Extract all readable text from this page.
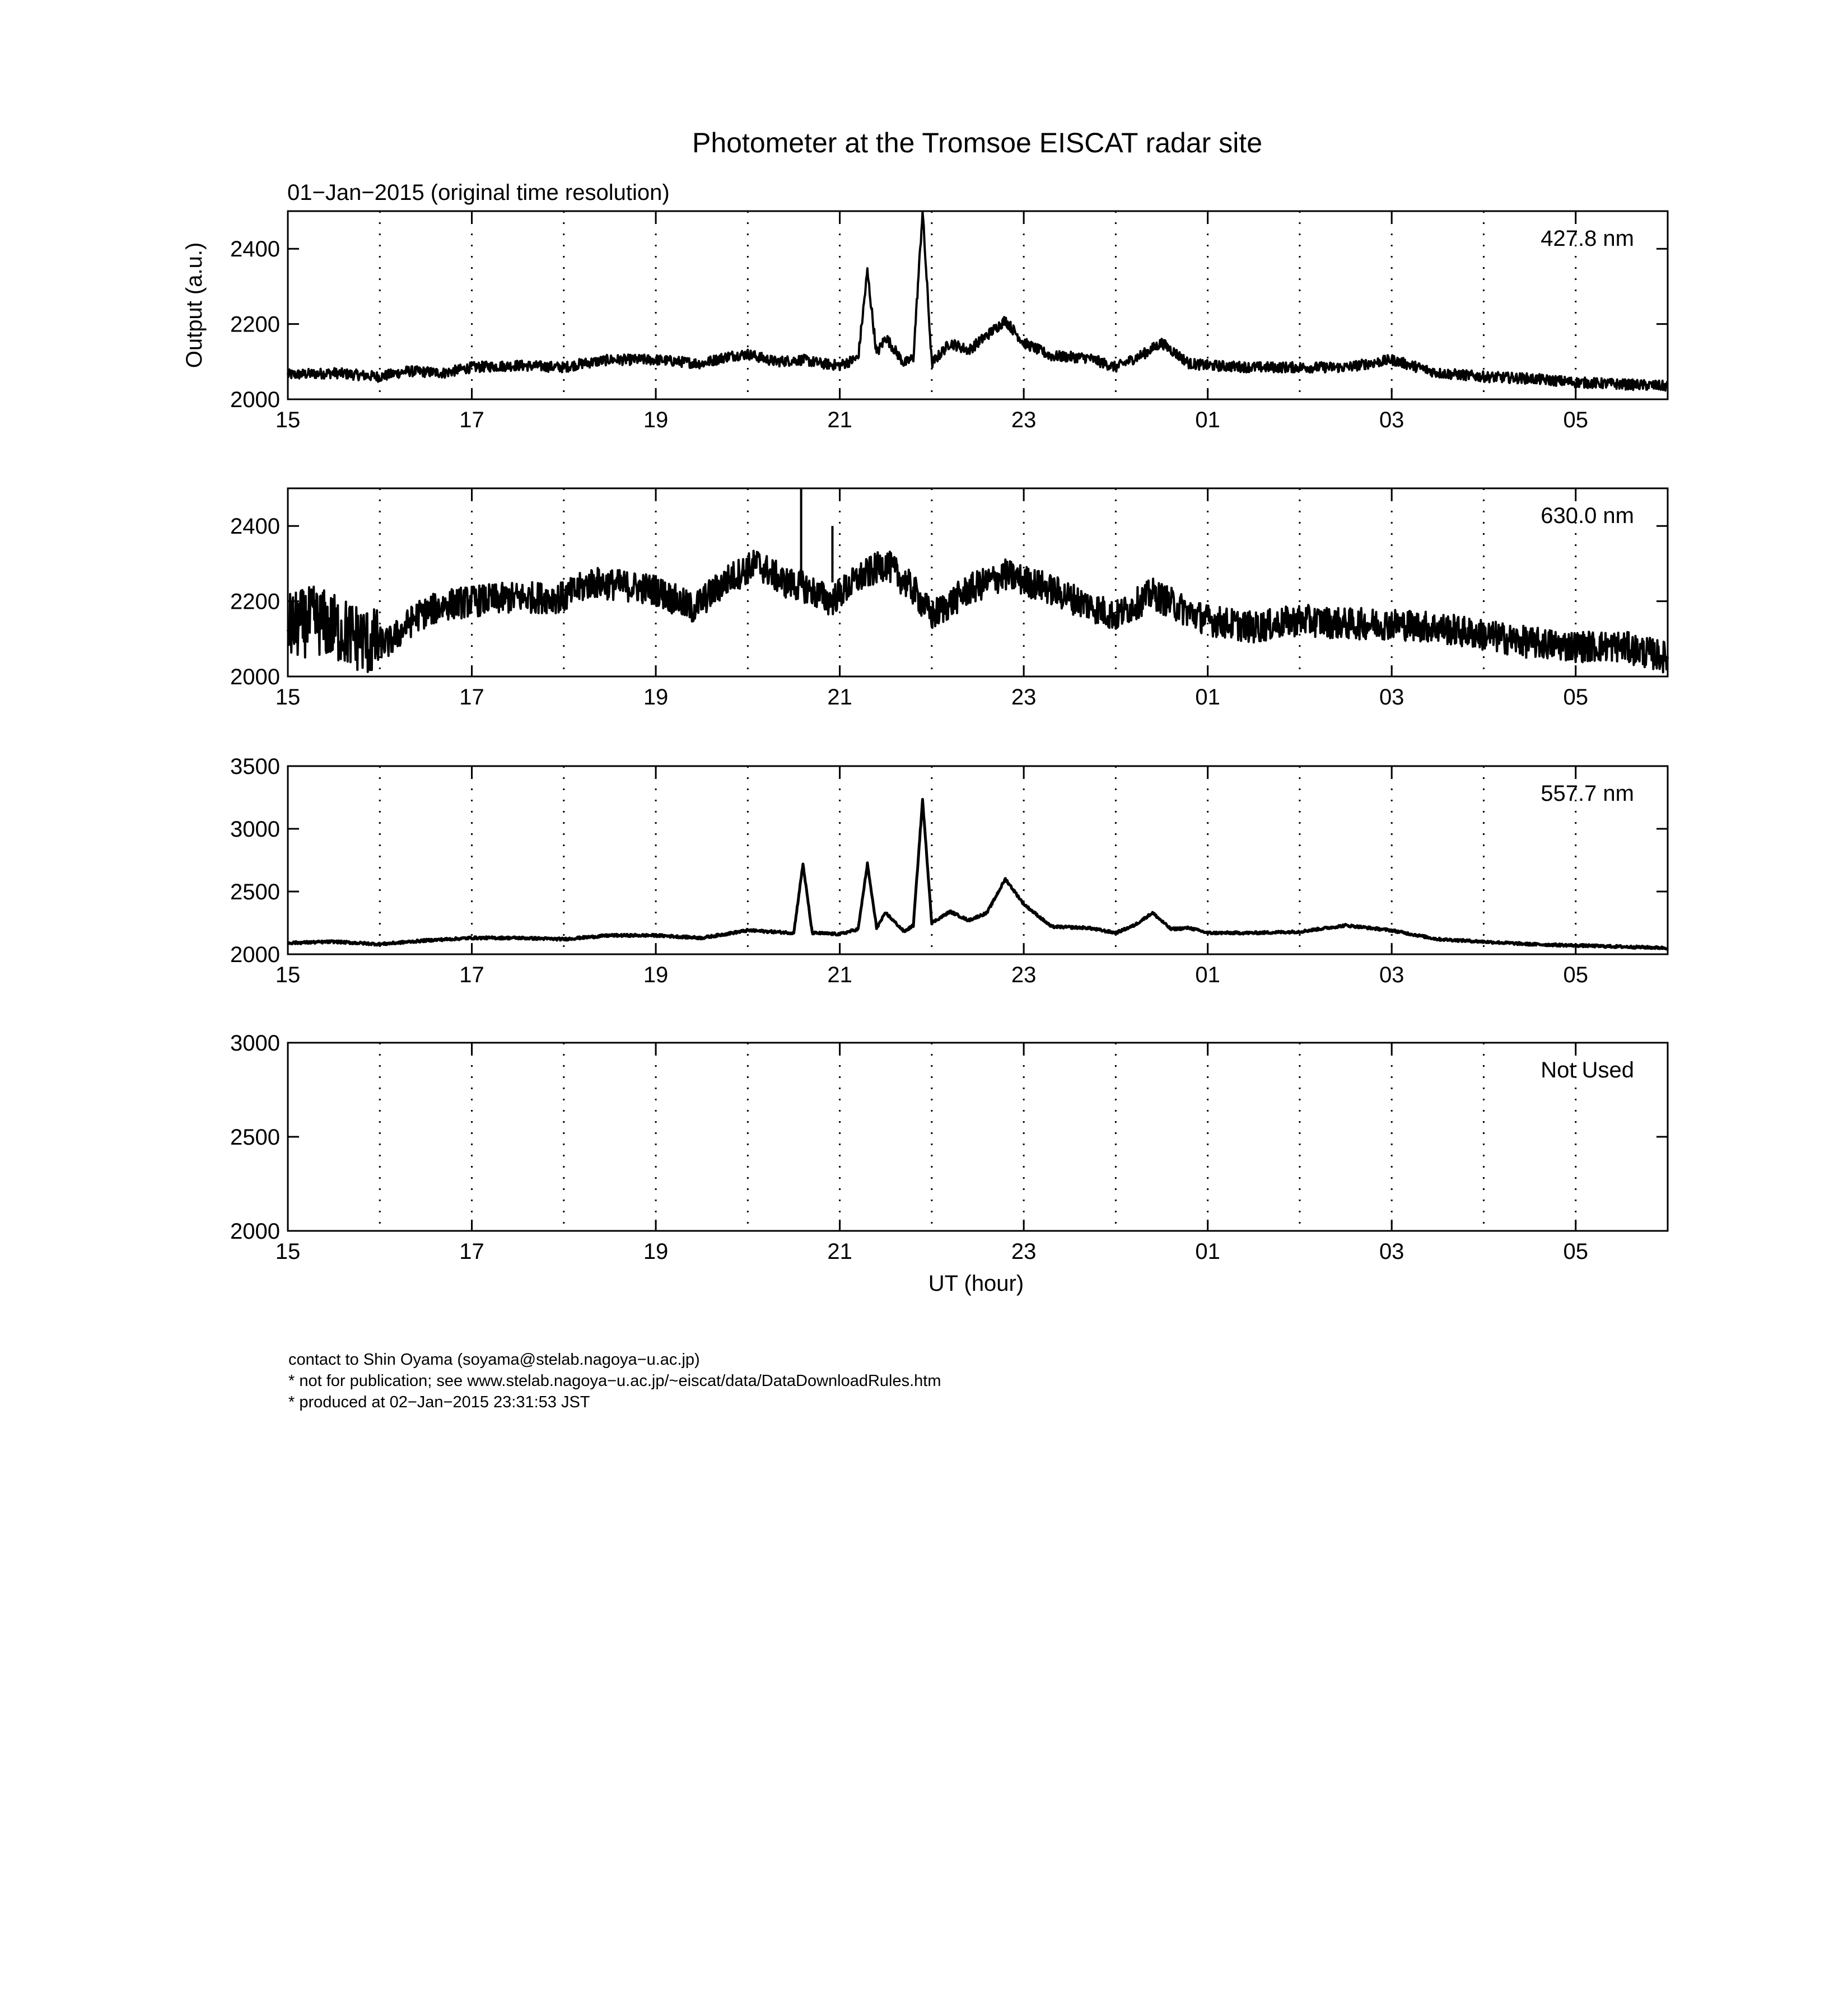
Photometer at the Tromsoe EISCAT radar site
01−Jan−2015 (original time resolution)
Output (a.u.)
UT (hour)
2000
2200
2400
15	17	19	21	23	01	03	05
427.8 nm
2000
2200
2400
15	17	19	21	23	01	03	05
630.0 nm
2000
2500
3000
3500
15	17	19	21	23	01	03	05
557.7 nm
2000
2500
3000
15	17	19	21	23	01	03	05
Not Used
contact to Shin Oyama (soyama@stelab.nagoya−u.ac.jp)
* not for publication; see www.stelab.nagoya−u.ac.jp/~eiscat/data/DataDownloadRules.htm
* produced at 02−Jan−2015 23:31:53 JST
